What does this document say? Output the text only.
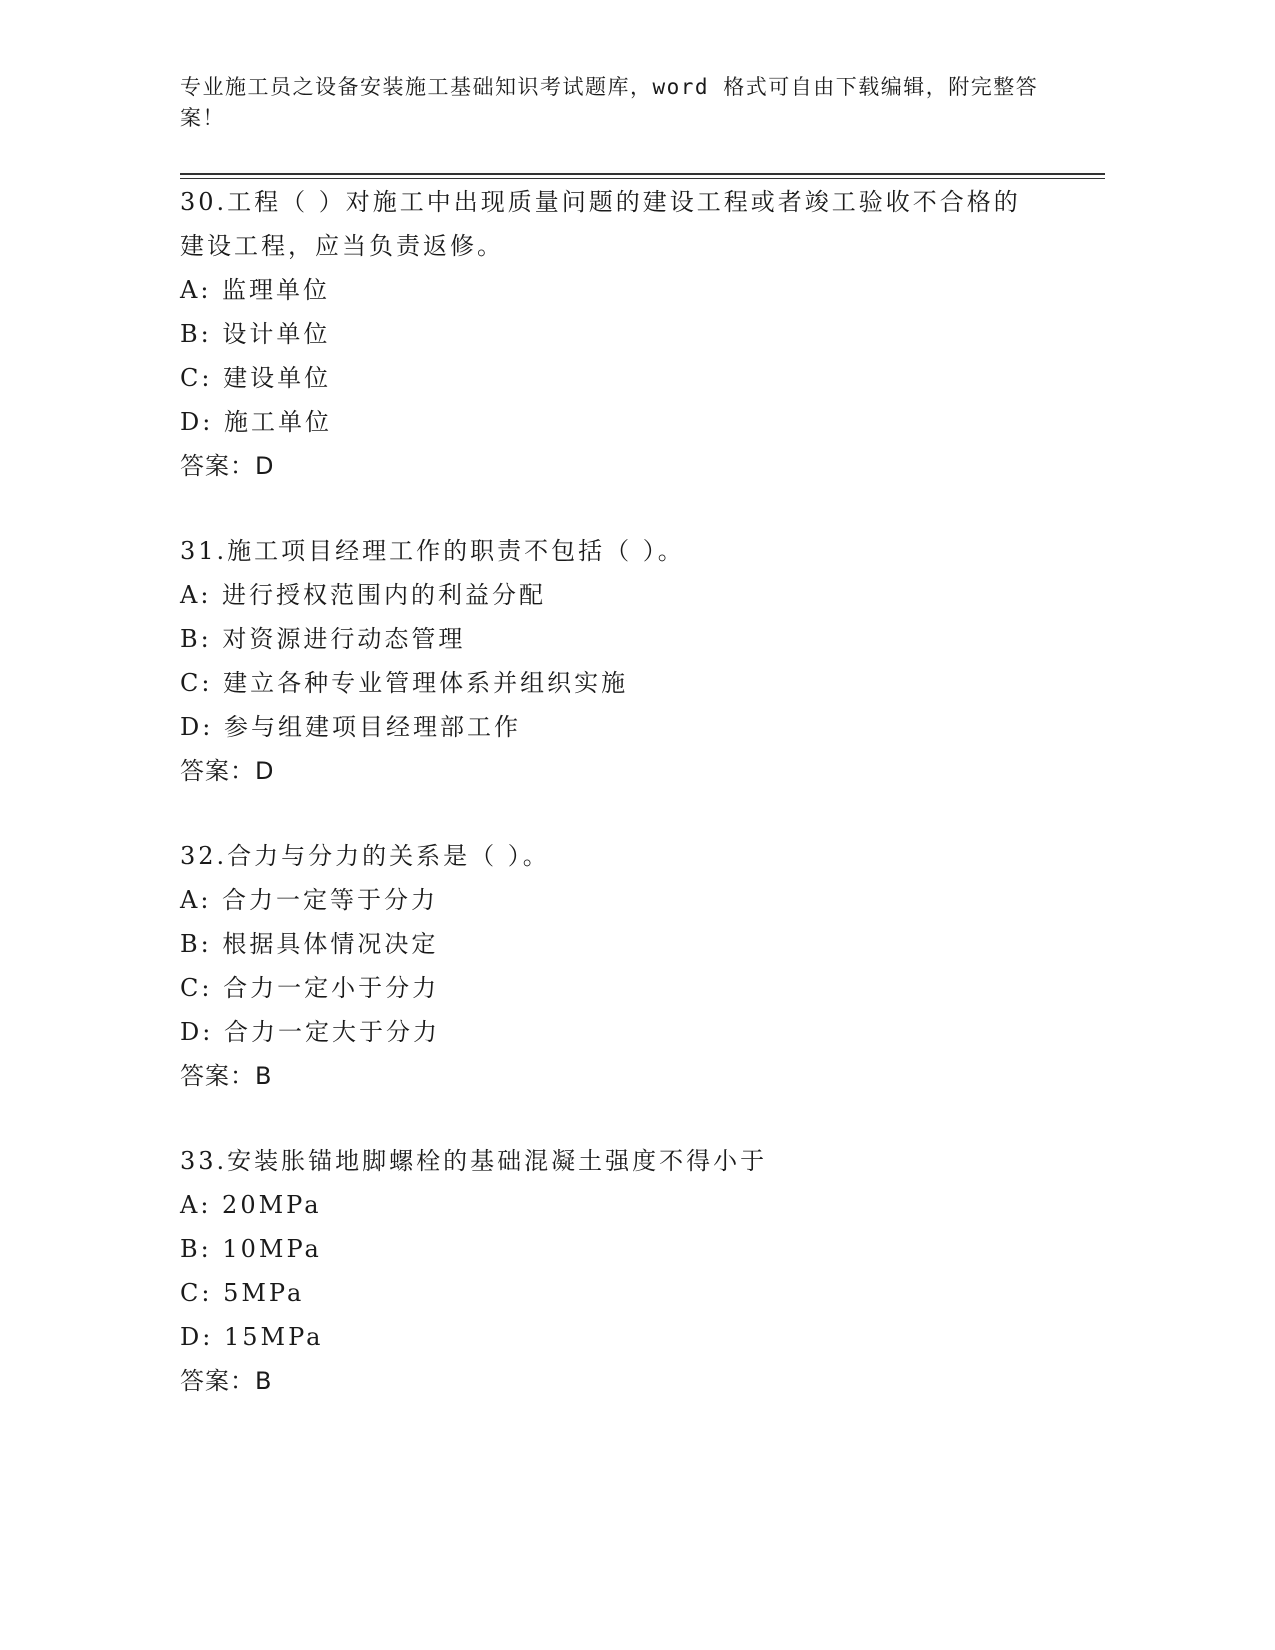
专业施工员之设备安装施工基础知识考试题库，word 格式可自由下载编辑，附完整答案！
30.工程（ ）对施工中出现质量问题的建设工程或者竣工验收不合格的建设工程，应当负责返修。
A: 监理单位
B: 设计单位
C: 建设单位
D: 施工单位
答案：D
31.施工项目经理工作的职责不包括（ ）。
A: 进行授权范围内的利益分配
B: 对资源进行动态管理
C: 建立各种专业管理体系并组织实施
D: 参与组建项目经理部工作
答案：D
32.合力与分力的关系是（ ）。
A: 合力一定等于分力
B: 根据具体情况决定
C: 合力一定小于分力
D: 合力一定大于分力
答案：B
33.安装胀锚地脚螺栓的基础混凝土强度不得小于
A: 20MPa
B: 10MPa
C: 5MPa
D: 15MPa
答案：B
